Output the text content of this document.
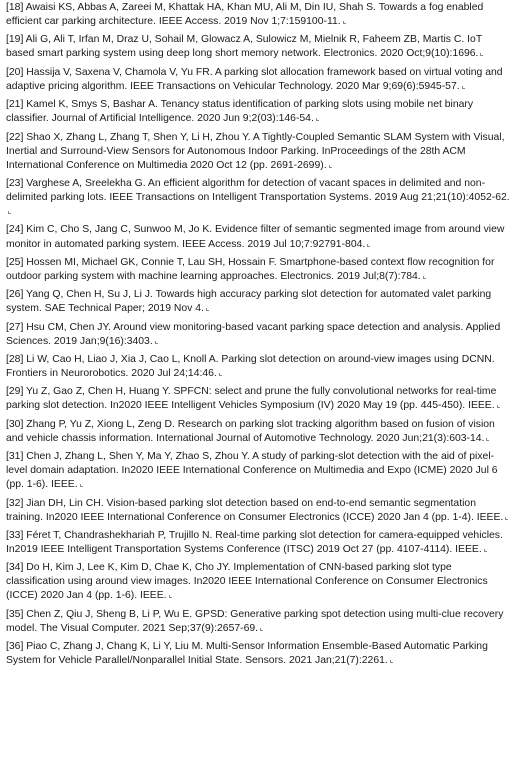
[18] Awaisi KS, Abbas A, Zareei M, Khattak HA, Khan MU, Ali M, Din IU, Shah S. Towards a fog enabled efficient car parking architecture. IEEE Access. 2019 Nov 1;7:159100-11.

[19] Ali G, Ali T, Irfan M, Draz U, Sohail M, Glowacz A, Sulowicz M, Mielnik R, Faheem ZB, Martis C. IoT based smart parking system using deep long short memory network. Electronics. 2020 Oct;9(10):1696.

[20] Hassija V, Saxena V, Chamola V, Yu FR. A parking slot allocation framework based on virtual voting and adaptive pricing algorithm. IEEE Transactions on Vehicular Technology. 2020 Mar 9;69(6):5945-57.

[21] Kamel K, Smys S, Bashar A. Tenancy status identification of parking slots using mobile net binary classifier. Journal of Artificial Intelligence. 2020 Jun 9;2(03):146-54.

[22] Shao X, Zhang L, Zhang T, Shen Y, Li H, Zhou Y. A Tightly-Coupled Semantic SLAM System with Visual, Inertial and Surround-View Sensors for Autonomous Indoor Parking. InProceedings of the 28th ACM International Conference on Multimedia 2020 Oct 12 (pp. 2691-2699).

[23] Varghese A, Sreelekha G. An efficient algorithm for detection of vacant spaces in delimited and non-delimited parking lots. IEEE Transactions on Intelligent Transportation Systems. 2019 Aug 21;21(10):4052-62.

[24] Kim C, Cho S, Jang C, Sunwoo M, Jo K. Evidence filter of semantic segmented image from around view monitor in automated parking system. IEEE Access. 2019 Jul 10;7:92791-804.

[25] Hossen MI, Michael GK, Connie T, Lau SH, Hossain F. Smartphone-based context flow recognition for outdoor parking system with machine learning approaches. Electronics. 2019 Jul;8(7):784.

[26] Yang Q, Chen H, Su J, Li J. Towards high accuracy parking slot detection for automated valet parking system. SAE Technical Paper; 2019 Nov 4.

[27] Hsu CM, Chen JY. Around view monitoring-based vacant parking space detection and analysis. Applied Sciences. 2019 Jan;9(16):3403.

[28] Li W, Cao H, Liao J, Xia J, Cao L, Knoll A. Parking slot detection on around-view images using DCNN. Frontiers in Neurorobotics. 2020 Jul 24;14:46.

[29] Yu Z, Gao Z, Chen H, Huang Y. SPFCN: select and prune the fully convolutional networks for real-time parking slot detection. In2020 IEEE Intelligent Vehicles Symposium (IV) 2020 May 19 (pp. 445-450). IEEE.

[30] Zhang P, Yu Z, Xiong L, Zeng D. Research on parking slot tracking algorithm based on fusion of vision and vehicle chassis information. International Journal of Automotive Technology. 2020 Jun;21(3):603-14.

[31] Chen J, Zhang L, Shen Y, Ma Y, Zhao S, Zhou Y. A study of parking-slot detection with the aid of pixel-level domain adaptation. In2020 IEEE International Conference on Multimedia and Expo (ICME) 2020 Jul 6 (pp. 1-6). IEEE.

[32] Jian DH, Lin CH. Vision-based parking slot detection based on end-to-end semantic segmentation training. In2020 IEEE International Conference on Consumer Electronics (ICCE) 2020 Jan 4 (pp. 1-4). IEEE.

[33] Féret T, Chandrashekhariah P, Trujillo N. Real-time parking slot detection for camera-equipped vehicles. In2019 IEEE Intelligent Transportation Systems Conference (ITSC) 2019 Oct 27 (pp. 4107-4114). IEEE.

[34] Do H, Kim J, Lee K, Kim D, Chae K, Cho JY. Implementation of CNN-based parking slot type classification using around view images. In2020 IEEE International Conference on Consumer Electronics (ICCE) 2020 Jan 4 (pp. 1-6). IEEE.

[35] Chen Z, Qiu J, Sheng B, Li P, Wu E. GPSD: Generative parking spot detection using multi-clue recovery model. The Visual Computer. 2021 Sep;37(9):2657-69.

[36] Piao C, Zhang J, Chang K, Li Y, Liu M. Multi-Sensor Information Ensemble-Based Automatic Parking System for Vehicle Parallel/Nonparallel Initial State. Sensors. 2021 Jan;21(7):2261.
